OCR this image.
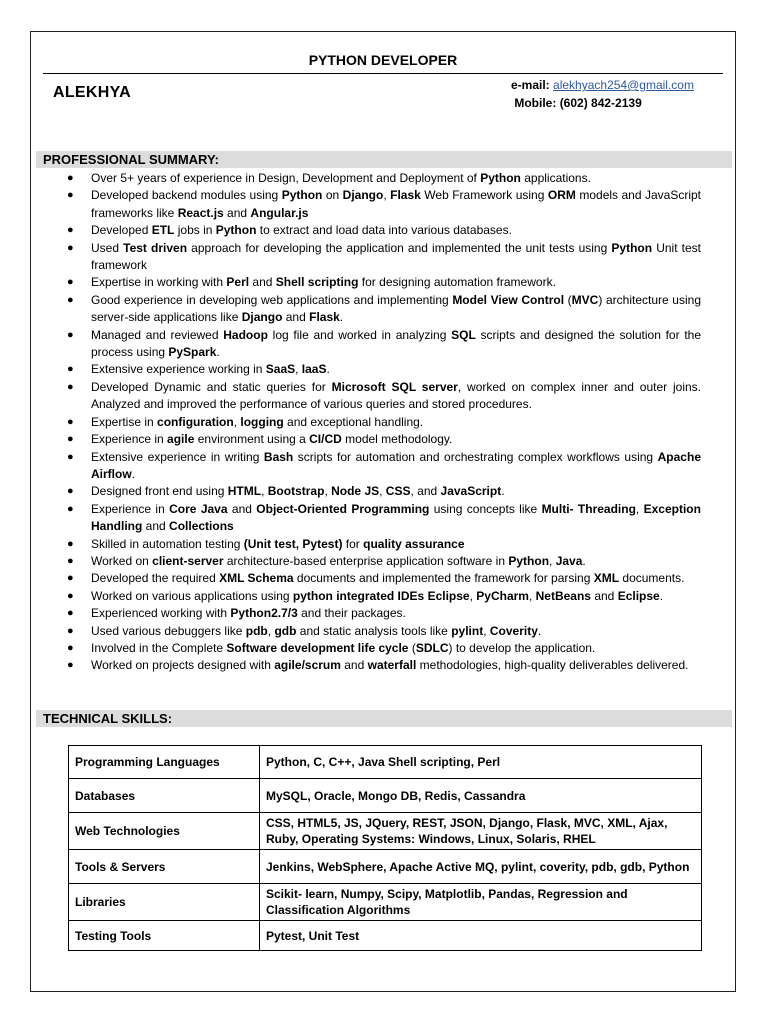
PYTHON DEVELOPER
ALEKHYA	e-mail: alekhyach254@gmail.com
Mobile: (602) 842-2139
PROFESSIONAL SUMMARY:
● Over 5+ years of experience in Design, Development and Deployment of Python applications.
● Developed backend modules using Python on Django, Flask Web Framework using ORM models and JavaScript frameworks like React.js and Angular.js
● Developed ETL jobs in Python to extract and load data into various databases.
● Used Test driven approach for developing the application and implemented the unit tests using Python Unit test framework
● Expertise in working with Perl and Shell scripting for designing automation framework.
● Good experience in developing web applications and implementing Model View Control (MVC) architecture using server-side applications like Django and Flask.
● Managed and reviewed Hadoop log file and worked in analyzing SQL scripts and designed the solution for the process using PySpark.
● Extensive experience working in SaaS, IaaS.
● Developed Dynamic and static queries for Microsoft SQL server, worked on complex inner and outer joins. Analyzed and improved the performance of various queries and stored procedures.
● Expertise in configuration, logging and exceptional handling.
● Experience in agile environment using a CI/CD model methodology.
● Extensive experience in writing Bash scripts for automation and orchestrating complex workflows using Apache Airflow.
● Designed front end using HTML, Bootstrap, Node JS, CSS, and JavaScript.
● Experience in Core Java and Object-Oriented Programming using concepts like Multi- Threading, Exception Handling and Collections
● Skilled in automation testing (Unit test, Pytest) for quality assurance
● Worked on client-server architecture-based enterprise application software in Python, Java.
● Developed the required XML Schema documents and implemented the framework for parsing XML documents.
● Worked on various applications using python integrated IDEs Eclipse, PyCharm, NetBeans and Eclipse.
● Experienced working with Python2.7/3 and their packages.
● Used various debuggers like pdb, gdb and static analysis tools like pylint, Coverity.
● Involved in the Complete Software development life cycle (SDLC) to develop the application.
● Worked on projects designed with agile/scrum and waterfall methodologies, high-quality deliverables delivered.
TECHNICAL SKILLS:
Programming Languages	Python, C, C++, Java Shell scripting, Perl
Databases	MySQL, Oracle, Mongo DB, Redis, Cassandra
Web Technologies	CSS, HTML5, JS, JQuery, REST, JSON, Django, Flask, MVC, XML, Ajax, Ruby, Operating Systems: Windows, Linux, Solaris, RHEL
Tools & Servers	Jenkins, WebSphere, Apache Active MQ, pylint, coverity, pdb, gdb, Python
Libraries	Scikit- learn, Numpy, Scipy, Matplotlib, Pandas, Regression and Classification Algorithms
Testing Tools	Pytest, Unit Test
